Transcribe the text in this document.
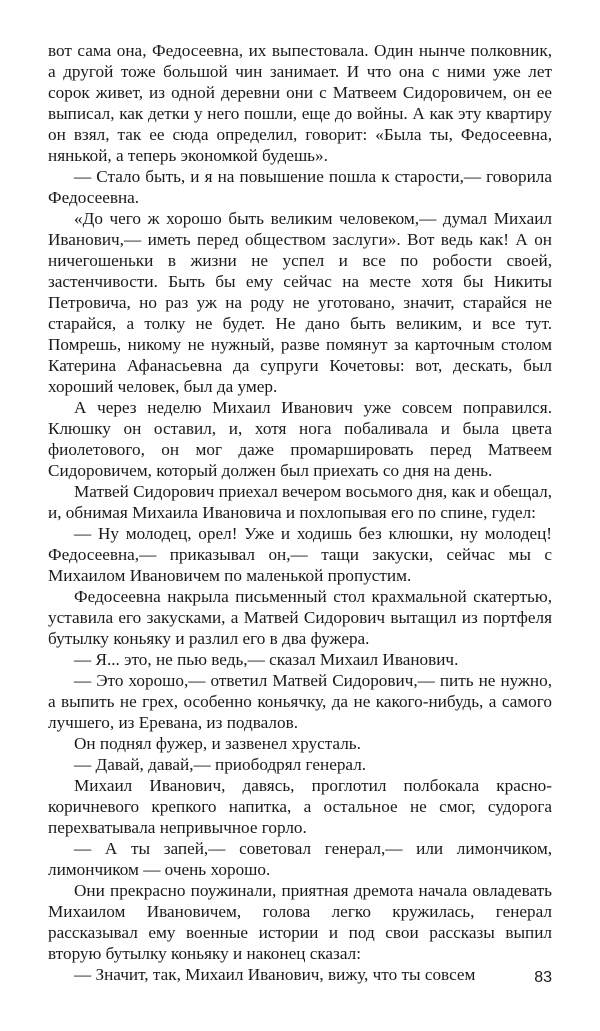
вот сама она, Федосеевна, их выпестовала. Один нынче полковник, а другой тоже большой чин занимает. И что она с ними уже лет сорок живет, из одной деревни они с Матвеем Сидоровичем, он ее выписал, как детки у него пошли, еще до войны. А как эту квартиру он взял, так ее сюда определил, говорит: «Была ты, Федосеевна, нянькой, а теперь экономкой будешь».

— Стало быть, и я на повышение пошла к старости,— говорила Федосеевна.

«До чего ж хорошо быть великим человеком,— думал Михаил Иванович,— иметь перед обществом заслуги». Вот ведь как! А он ничегошеньки в жизни не успел и все по робости своей, застенчивости. Быть бы ему сейчас на месте хотя бы Никиты Петровича, но раз уж на роду не уготовано, значит, старайся не старайся, а толку не будет. Не дано быть великим, и все тут. Помрешь, никому не нужный, разве помянут за карточным столом Катерина Афанасьевна да супруги Кочетовы: вот, дескать, был хороший человек, был да умер.

А через неделю Михаил Иванович уже совсем поправился. Клюшку он оставил, и, хотя нога побаливала и была цвета фиолетового, он мог даже промаршировать перед Матвеем Сидоровичем, который должен был приехать со дня на день.

Матвей Сидорович приехал вечером восьмого дня, как и обещал, и, обнимая Михаила Ивановича и похлопывая его по спине, гудел:

— Ну молодец, орел! Уже и ходишь без клюшки, ну молодец! Федосеевна,— приказывал он,— тащи закуски, сейчас мы с Михаилом Ивановичем по маленькой пропустим.

Федосеевна накрыла письменный стол крахмальной скатертью, уставила его закусками, а Матвей Сидорович вытащил из портфеля бутылку коньяку и разлил его в два фужера.

— Я... это, не пью ведь,— сказал Михаил Иванович.

— Это хорошо,— ответил Матвей Сидорович,— пить не нужно, а выпить не грех, особенно коньячку, да не какого-нибудь, а самого лучшего, из Еревана, из подвалов.

Он поднял фужер, и зазвенел хрусталь.

— Давай, давай,— приободрял генерал.

Михаил Иванович, давясь, проглотил полбокала красно-коричневого крепкого напитка, а остальное не смог, судорога перехватывала непривычное горло.

— А ты запей,— советовал генерал,— или лимончиком, лимончиком — очень хорошо.

Они прекрасно поужинали, приятная дремота начала овладевать Михаилом Ивановичем, голова легко кружилась, генерал рассказывал ему военные истории и под свои рассказы выпил вторую бутылку коньяку и наконец сказал:

— Значит, так, Михаил Иванович, вижу, что ты совсем	83
